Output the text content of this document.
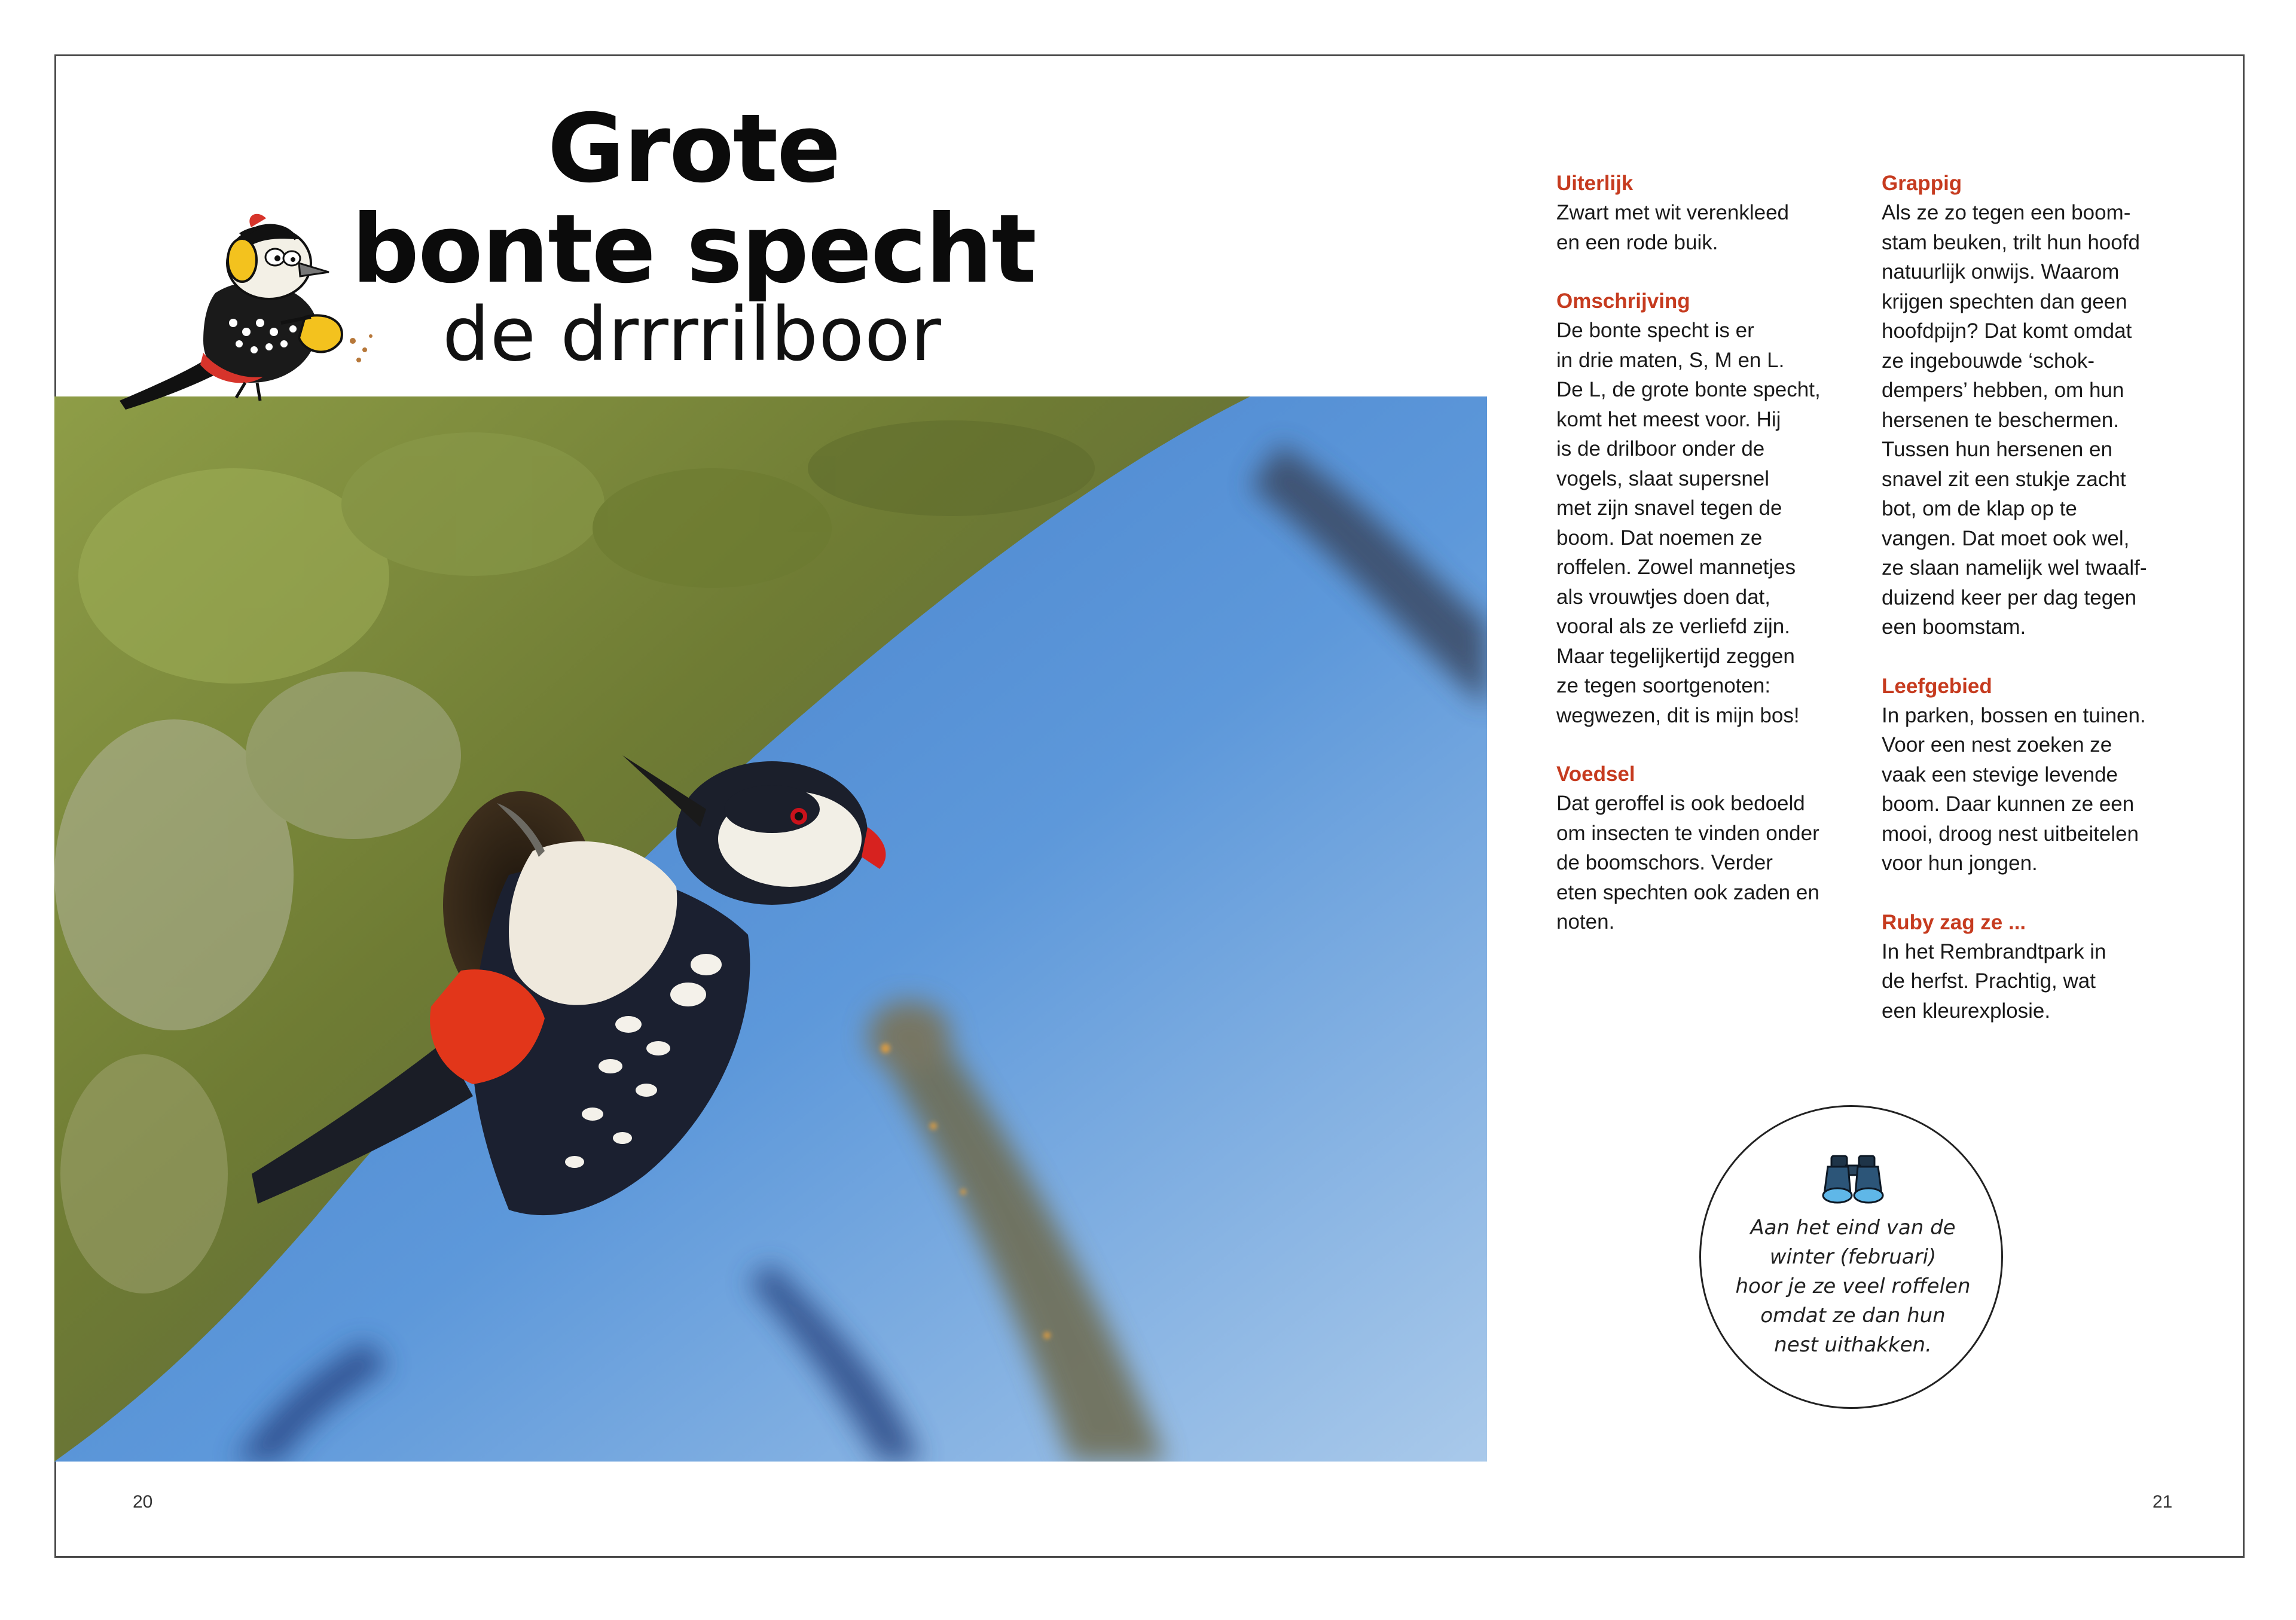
Grote
bonte specht
de drrrrilboor
Uiterlijk
Zwart met wit verenkleed
en een rode buik.
Omschrijving
De bonte specht is er
in drie maten, S, M en L.
De L, de grote bonte specht,
komt het meest voor. Hij
is de drilboor onder de
vogels, slaat supersnel
met zijn snavel tegen de
boom. Dat noemen ze
roffelen. Zowel mannetjes
als vrouwtjes doen dat,
vooral als ze verliefd zijn.
Maar tegelijkertijd zeggen
ze tegen soortgenoten:
wegwezen, dit is mijn bos!
Voedsel
Dat geroffel is ook bedoeld
om insecten te vinden onder
de boomschors. Verder
eten spechten ook zaden en
noten.
Grappig
Als ze zo tegen een boom-
stam beuken, trilt hun hoofd
natuurlijk onwijs. Waarom
krijgen spechten dan geen
hoofdpijn? Dat komt omdat
ze ingebouwde ‘schok-
dempers’ hebben, om hun
hersenen te beschermen.
Tussen hun hersenen en
snavel zit een stukje zacht
bot, om de klap op te
vangen. Dat moet ook wel,
ze slaan namelijk wel twaalf-
duizend keer per dag tegen
een boomstam.
Leefgebied
In parken, bossen en tuinen.
Voor een nest zoeken ze
vaak een stevige levende
boom. Daar kunnen ze een
mooi, droog nest uitbeitelen
voor hun jongen.
Ruby zag ze ...
In het Rembrandtpark in
de herfst. Prachtig, wat
een kleurexplosie.
Aan het eind van de
winter (februari)
hoor je ze veel roffelen
omdat ze dan hun
nest uithakken.
20	21
